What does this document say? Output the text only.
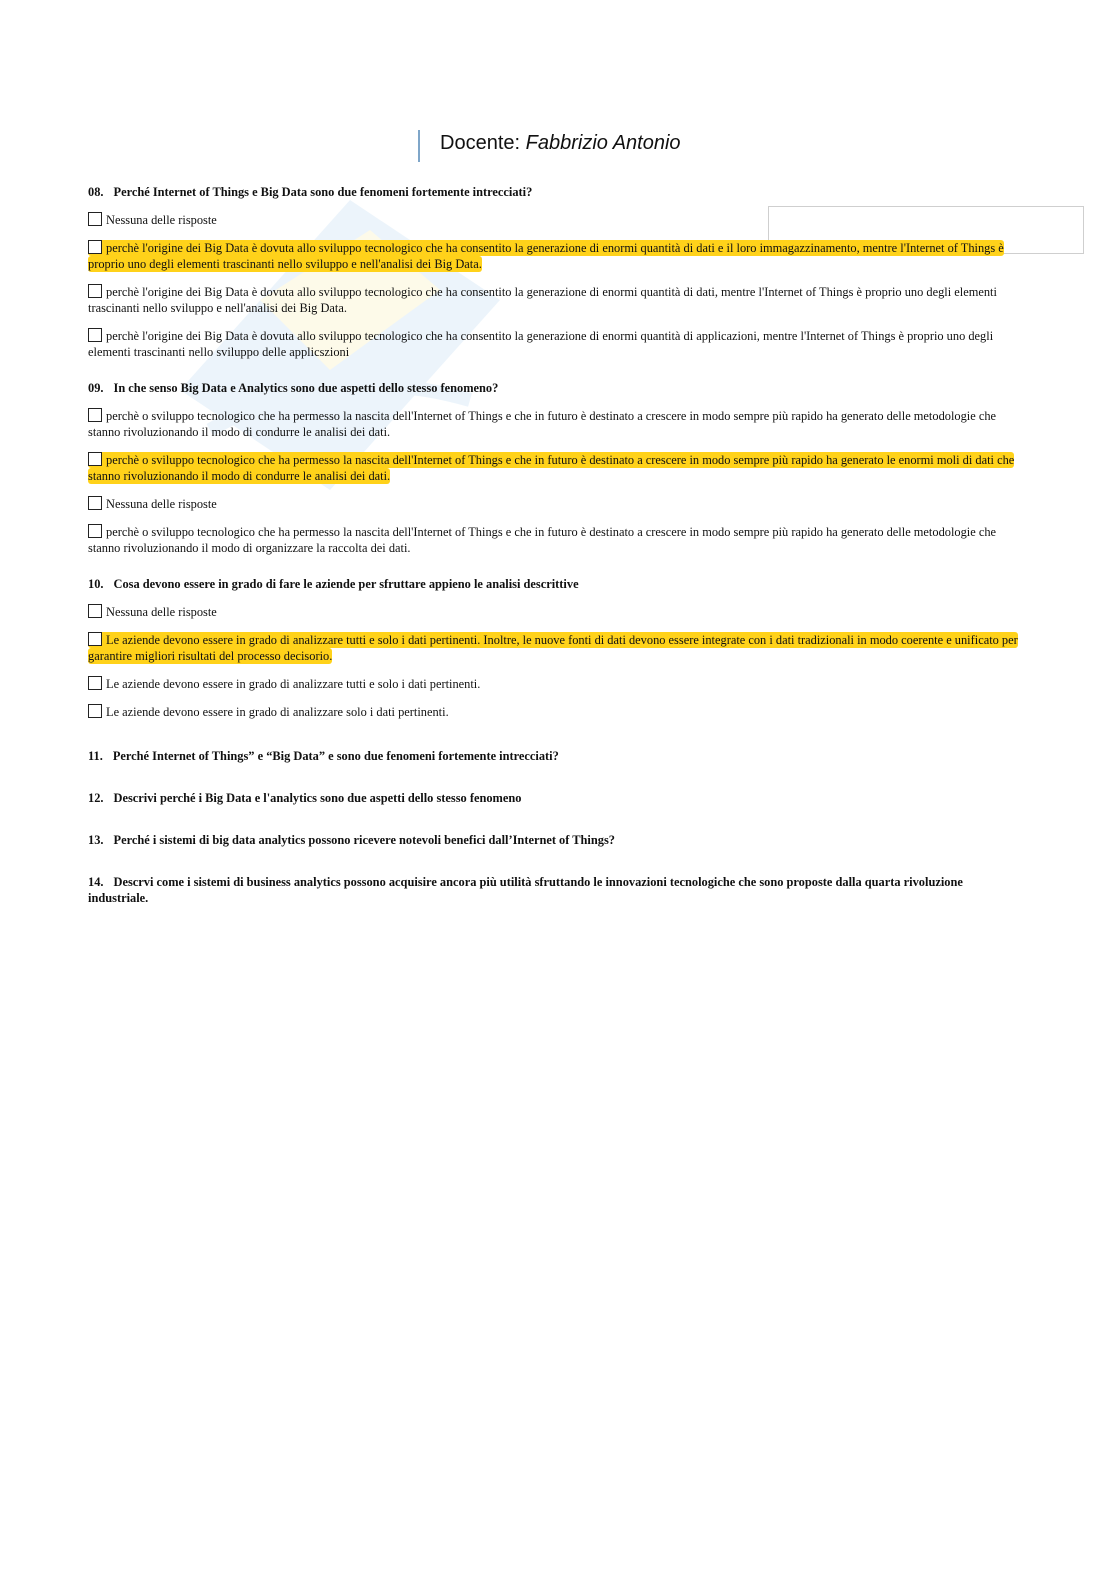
Docente: Fabbrizio Antonio

08. Perché Internet of Things e Big Data sono due fenomeni fortemente intrecciati?

Nessuna delle risposte
perchè l'origine dei Big Data è dovuta allo sviluppo tecnologico che ha consentito la generazione di enormi quantità di dati e il loro immagazzinamento, mentre l'Internet of Things è proprio uno degli elementi trascinanti nello sviluppo e nell'analisi dei Big Data.
perchè l'origine dei Big Data è dovuta allo sviluppo tecnologico che ha consentito la generazione di enormi quantità di dati, mentre l'Internet of Things è proprio uno degli elementi trascinanti nello sviluppo e nell'analisi dei Big Data.
perchè l'origine dei Big Data è dovuta allo sviluppo tecnologico che ha consentito la generazione di enormi quantità di applicazioni, mentre l'Internet of Things è proprio uno degli elementi trascinanti nello sviluppo delle applicszioni

09. In che senso Big Data e Analytics sono due aspetti dello stesso fenomeno?

perchè o sviluppo tecnologico che ha permesso la nascita dell'Internet of Things e che in futuro è destinato a crescere in modo sempre più rapido ha generato delle metodologie che stanno rivoluzionando il modo di condurre le analisi dei dati.
perchè o sviluppo tecnologico che ha permesso la nascita dell'Internet of Things e che in futuro è destinato a crescere in modo sempre più rapido ha generato le enormi moli di dati che stanno rivoluzionando il modo di condurre le analisi dei dati.
Nessuna delle risposte
perchè o sviluppo tecnologico che ha permesso la nascita dell'Internet of Things e che in futuro è destinato a crescere in modo sempre più rapido ha generato delle metodologie che stanno rivoluzionando il modo di organizzare la raccolta dei dati.

10. Cosa devono essere in grado di fare le aziende per sfruttare appieno le analisi descrittive

Nessuna delle risposte
Le aziende devono essere in grado di analizzare tutti e solo i dati pertinenti. Inoltre, le nuove fonti di dati devono essere integrate con i dati tradizionali in modo coerente e unificato per garantire migliori risultati del processo decisorio.
Le aziende devono essere in grado di analizzare tutti e solo i dati pertinenti.
Le aziende devono essere in grado di analizzare solo i dati pertinenti.
11. Perché Internet of Things” e “Big Data” e sono due fenomeni fortemente intrecciati?
12. Descrivi perché i Big Data e l'analytics sono due aspetti dello stesso fenomeno
13. Perché i sistemi di big data analytics possono ricevere notevoli benefici dall’Internet of Things?
14. Descrvi come i sistemi di business analytics possono acquisire ancora più utilità sfruttando le innovazioni tecnologiche che sono proposte dalla quarta rivoluzione industriale.
